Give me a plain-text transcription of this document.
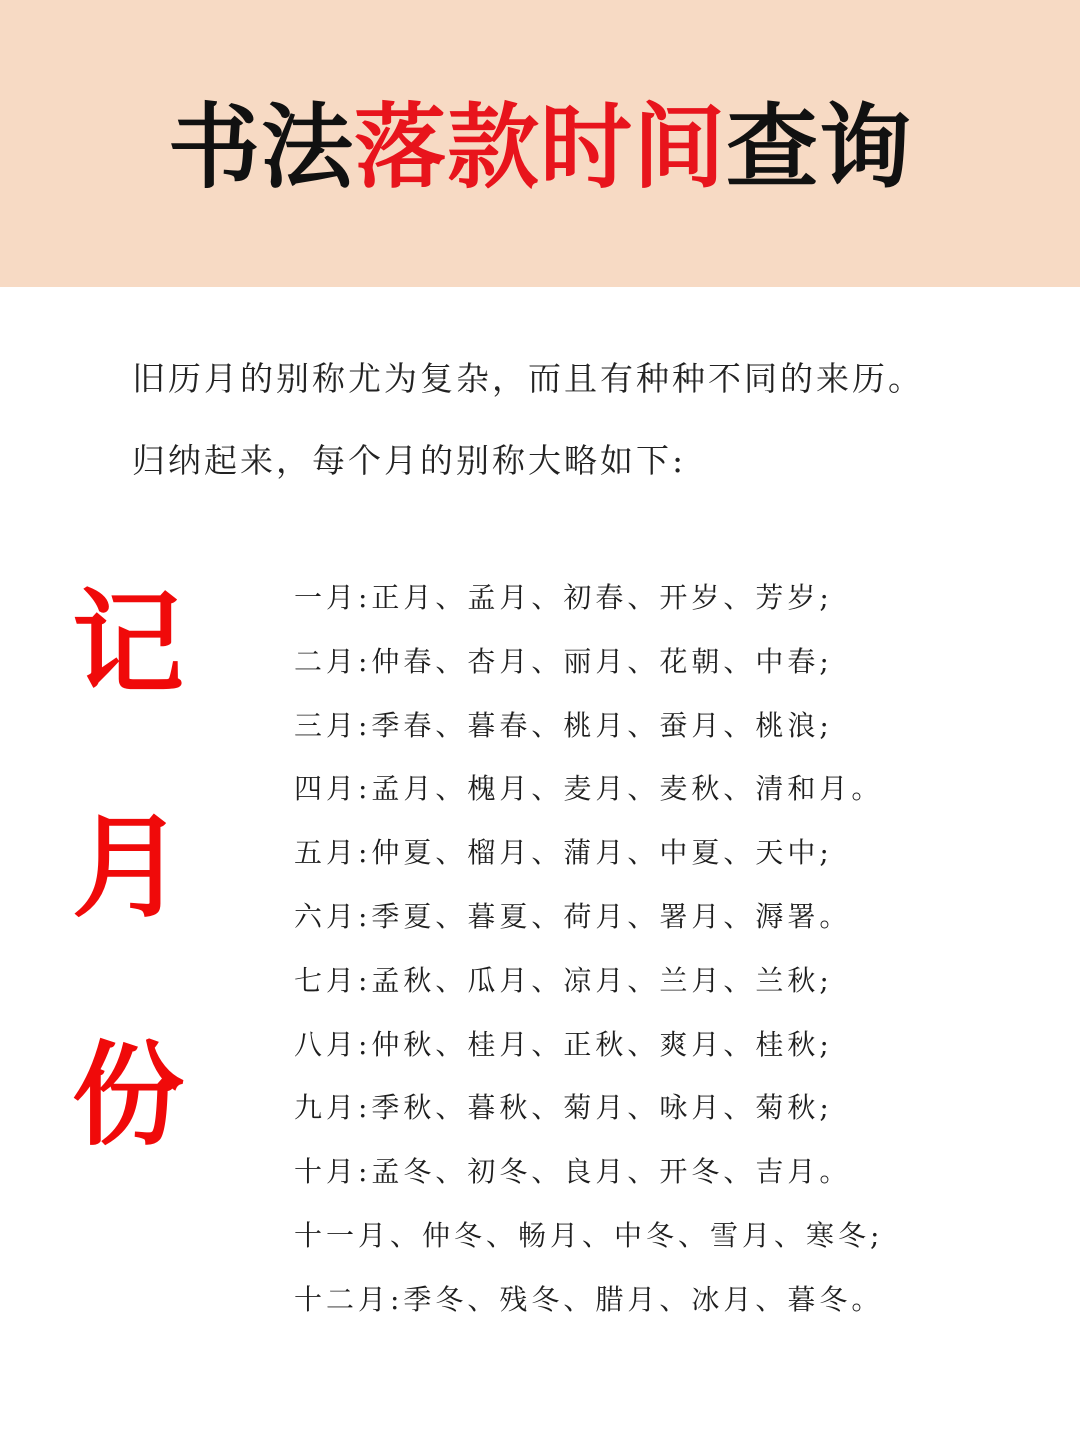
书法落款时间查询

旧历月的别称尤为复杂，而且有种种不同的来历。

归纳起来，每个月的别称大略如下:

记
月
份
一月:正月、孟月、初春、开岁、芳岁;
二月:仲春、杏月、丽月、花朝、中春;
三月:季春、暮春、桃月、蚕月、桃浪;
四月:孟月、槐月、麦月、麦秋、清和月。
五月:仲夏、榴月、蒲月、中夏、天中;
六月:季夏、暮夏、荷月、署月、溽署。
七月:孟秋、瓜月、凉月、兰月、兰秋;
八月:仲秋、桂月、正秋、爽月、桂秋;
九月:季秋、暮秋、菊月、咏月、菊秋;
十月:孟冬、初冬、良月、开冬、吉月。
十一月、仲冬、畅月、中冬、雪月、寒冬;
十二月:季冬、残冬、腊月、冰月、暮冬。
